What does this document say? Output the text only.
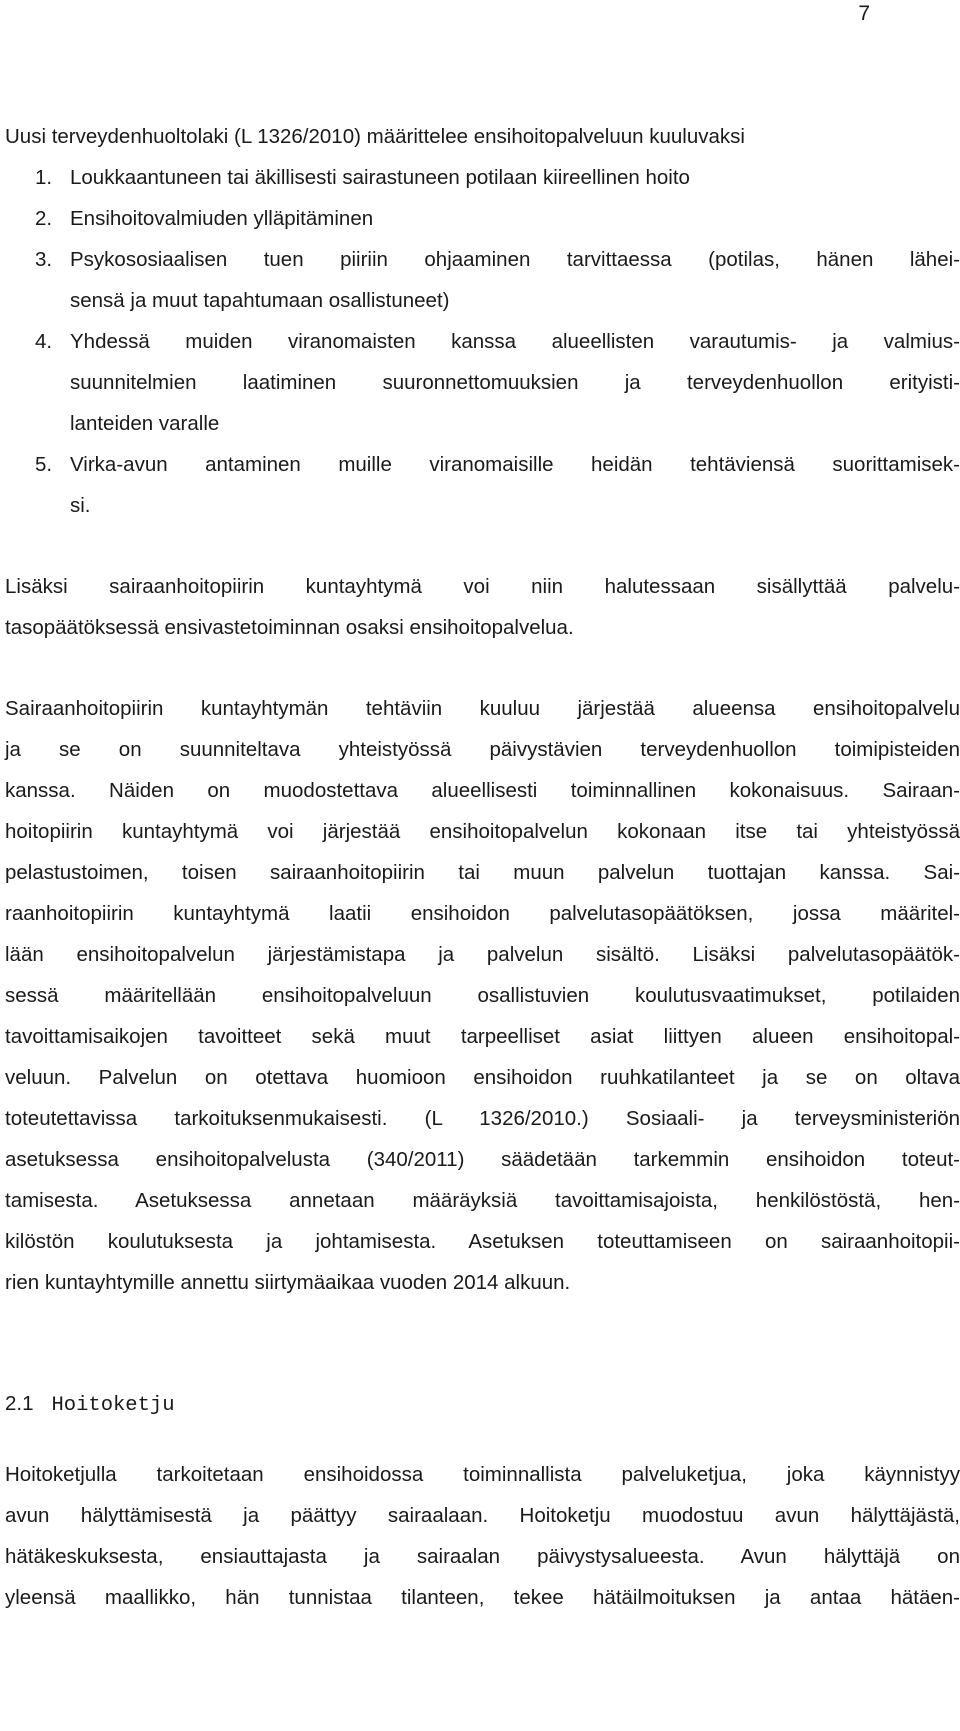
7

Uusi terveydenhuoltolaki (L 1326/2010) määrittelee ensihoitopalveluun kuuluvaksi

1. Loukkaantuneen tai äkillisesti sairastuneen potilaan kiireellinen hoito
2. Ensihoitovalmiuden ylläpitäminen
3. Psykososiaalisen tuen piiriin ohjaaminen tarvittaessa (potilas, hänen lähei-
sensä ja muut tapahtumaan osallistuneet)
4. Yhdessä muiden viranomaisten kanssa alueellisten varautumis- ja valmius-
suunnitelmien laatiminen suuronnettomuuksien ja terveydenhuollon erityisti-
lanteiden varalle
5. Virka-avun antaminen muille viranomaisille heidän tehtäviensä suorittamisek-
si.

Lisäksi sairaanhoitopiirin kuntayhtymä voi niin halutessaan sisällyttää palvelu-
tasopäätöksessä ensivastetoiminnan osaksi ensihoitopalvelua.

Sairaanhoitopiirin kuntayhtymän tehtäviin kuuluu järjestää alueensa ensihoitopalvelu
ja se on suunniteltava yhteistyössä päivystävien terveydenhuollon toimipisteiden
kanssa. Näiden on muodostettava alueellisesti toiminnallinen kokonaisuus. Sairaan-
hoitopiirin kuntayhtymä voi järjestää ensihoitopalvelun kokonaan itse tai yhteistyössä
pelastustoimen, toisen sairaanhoitopiirin tai muun palvelun tuottajan kanssa. Sai-
raanhoitopiirin kuntayhtymä laatii ensihoidon palvelutasopäätöksen, jossa määritel-
lään ensihoitopalvelun järjestämistapa ja palvelun sisältö. Lisäksi palvelutasopäätök-
sessä määritellään ensihoitopalveluun osallistuvien koulutusvaatimukset, potilaiden
tavoittamisaikojen tavoitteet sekä muut tarpeelliset asiat liittyen alueen ensihoitopal-
veluun. Palvelun on otettava huomioon ensihoidon ruuhkatilanteet ja se on oltava
toteutettavissa tarkoituksenmukaisesti. (L 1326/2010.) Sosiaali- ja terveysministeriön
asetuksessa ensihoitopalvelusta (340/2011) säädetään tarkemmin ensihoidon toteut-
tamisesta. Asetuksessa annetaan määräyksiä tavoittamisajoista, henkilöstöstä, hen-
kilöstön koulutuksesta ja johtamisesta. Asetuksen toteuttamiseen on sairaanhoitopii-
rien kuntayhtymille annettu siirtymäaikaa vuoden 2014 alkuun.

2.1 Hoitoketju

Hoitoketjulla tarkoitetaan ensihoidossa toiminnallista palveluketjua, joka käynnistyy
avun hälyttämisestä ja päättyy sairaalaan. Hoitoketju muodostuu avun hälyttäjästä,
hätäkeskuksesta, ensiauttajasta ja sairaalan päivystysalueesta. Avun hälyttäjä on
yleensä maallikko, hän tunnistaa tilanteen, tekee hätäilmoituksen ja antaa hätäen-
